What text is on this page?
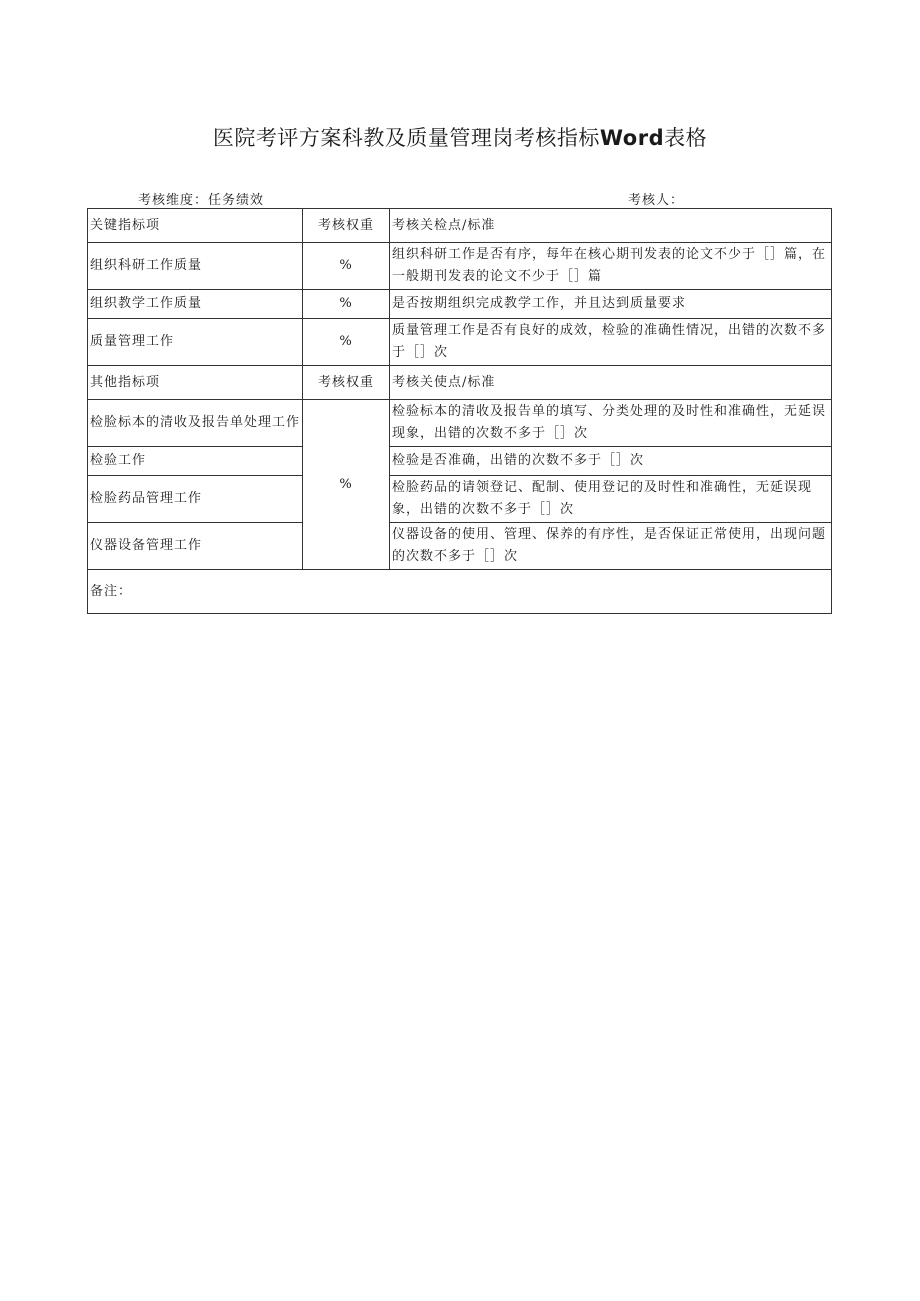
医院考评方案科教及质量管理岗考核指标Word表格
考核维度：任务绩效	考核人：
关键指标项	考核权重	考核关检点/标准
组织科研工作质量	%	组织科研工作是否有序，每年在核心期刊发表的论文不少于［］篇，在一般期刊发表的论文不少于［］篇
组织教学工作质量	%	是否按期组织完成教学工作，并且达到质量要求
质量管理工作	%	质量管理工作是否有良好的成效，检验的准确性情况，出错的次数不多于［］次
其他指标项	考核权重	考核关使点/标准
检脸标本的清收及报告单处理工作	%	检验标本的清收及报告单的填写、分类处理的及时性和准确性，无延误现象，出错的次数不多于［］次
检验工作		检验是否准确，出错的次数不多于［］次
检脸药品管理工作		检脸药品的请领登记、配制、使用登记的及时性和准确性，无延误现象，出错的次数不多于［］次
仪器设备管理工作		仪器设备的使用、管理、保养的有序性，是否保证正常使用，出现问题的次数不多于［］次
备注：		
